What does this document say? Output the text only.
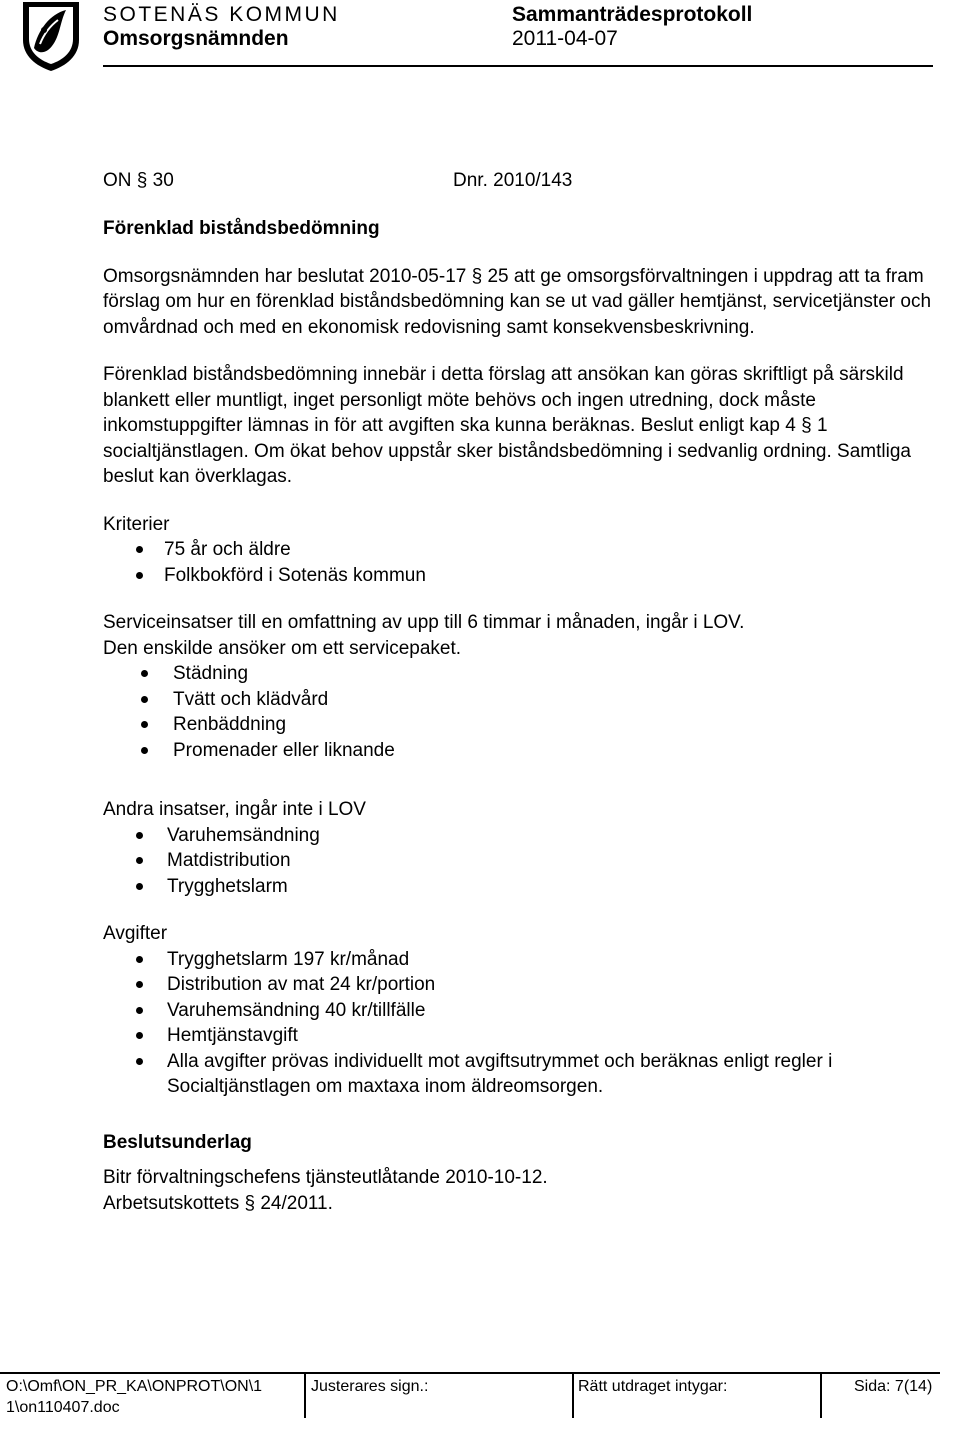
SOTENÄS KOMMUN
Omsorgsnämnden
Sammanträdesprotokoll
2011-04-07
ON § 30	Dnr. 2010/143
Förenklad biståndsbedömning

Omsorgsnämnden har beslutat 2010-05-17 § 25 att ge omsorgsförvaltningen i uppdrag att ta fram förslag om hur en förenklad biståndsbedömning kan se ut vad gäller hemtjänst, servicetjänster och omvårdnad och med en ekonomisk redovisning samt konsekvensbeskrivning.

Förenklad biståndsbedömning innebär i detta förslag att ansökan kan göras skriftligt på särskild blankett eller muntligt, inget personligt möte behövs och ingen utredning, dock måste inkomstuppgifter lämnas in för att avgiften ska kunna beräknas. Beslut enligt kap 4 § 1 socialtjänstlagen. Om ökat behov uppstår sker biståndsbedömning i sedvanlig ordning. Samtliga beslut kan överklagas.

Kriterier
75 år och äldre
Folkbokförd i Sotenäs kommun
Serviceinsatser till en omfattning av upp till 6 timmar i månaden, ingår i LOV.
Den enskilde ansöker om ett servicepaket.
Städning
Tvätt och klädvård
Renbäddning
Promenader eller liknande
Andra insatser, ingår inte i LOV
Varuhemsändning
Matdistribution
Trygghetslarm
Avgifter
Trygghetslarm 197 kr/månad
Distribution av mat 24 kr/portion
Varuhemsändning 40 kr/tillfälle
Hemtjänstavgift
Alla avgifter prövas individuellt mot avgiftsutrymmet och beräknas enligt regler i Socialtjänstlagen om maxtaxa inom äldreomsorgen.
Beslutsunderlag
Bitr förvaltningschefens tjänsteutlåtande 2010-10-12.
Arbetsutskottets § 24/2011.
O:\Omf\ON_PR_KA\ONPROT\ON\1 1\on110407.doc
Justerares sign.:	Rätt utdraget intygar:	Sida: 7(14)
